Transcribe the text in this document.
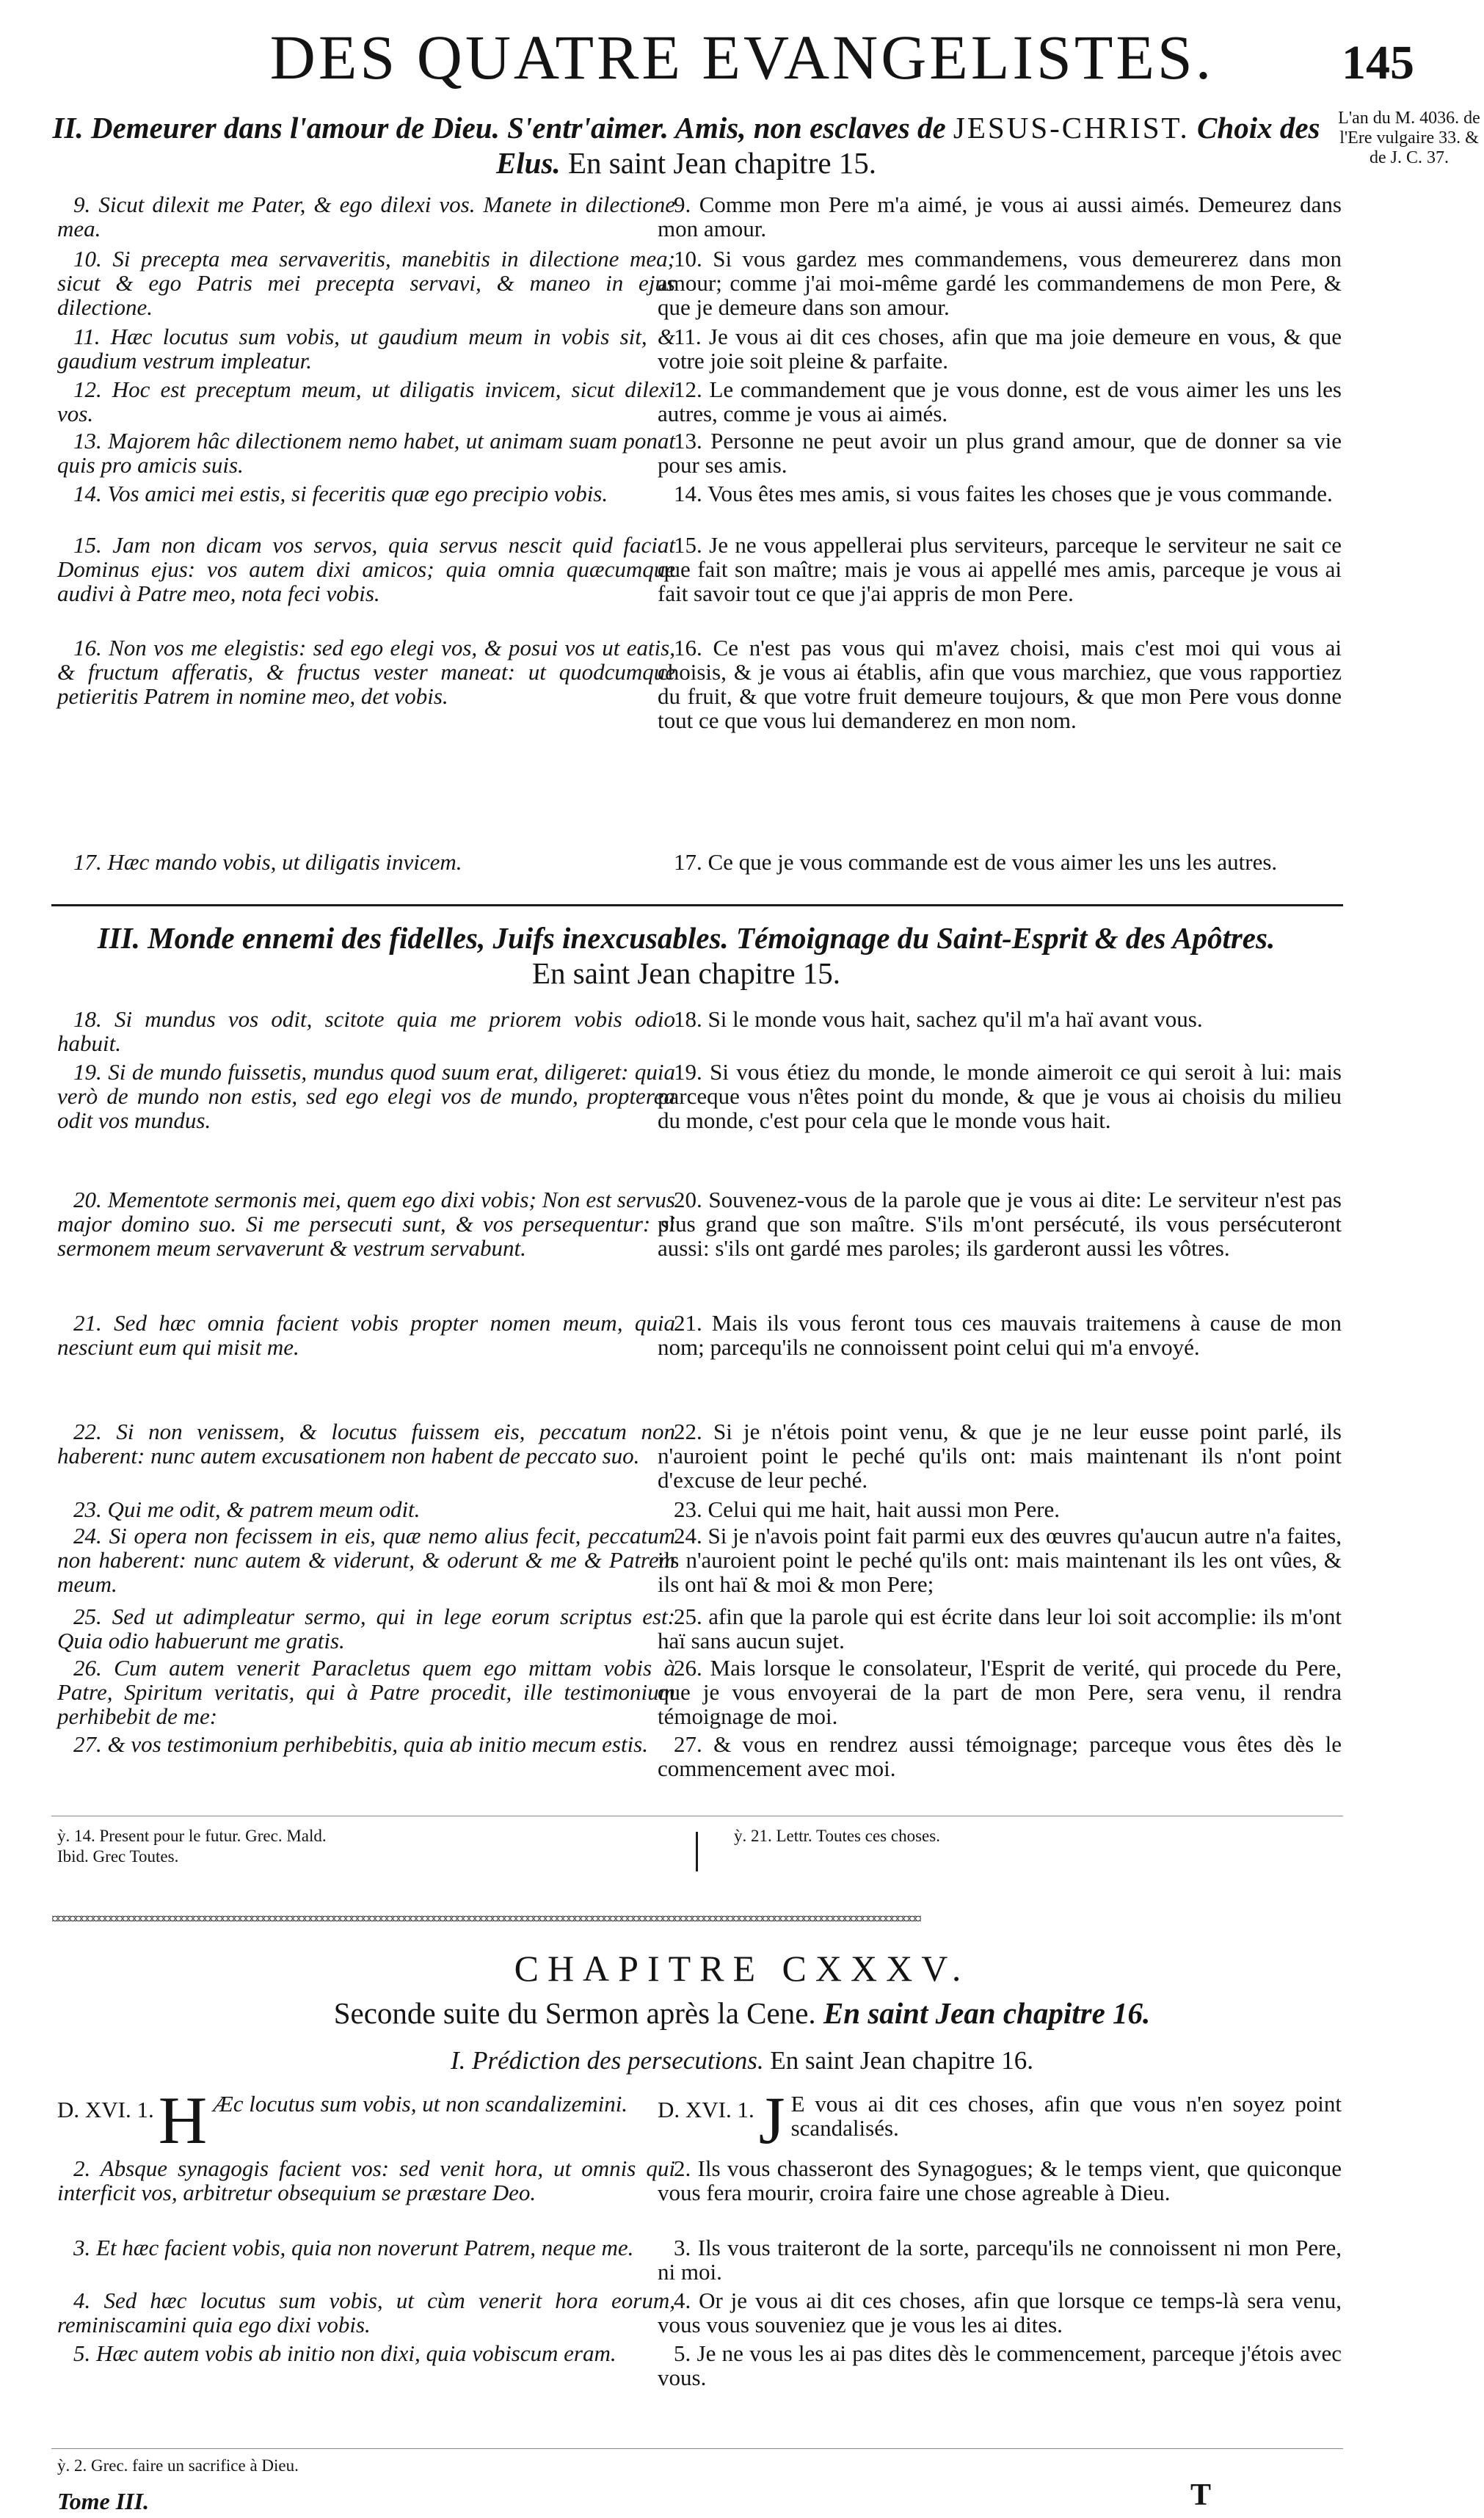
DES QUATRE EVANGELISTES.	145
L'an du M. 4036. de l'Ere vulgaire 33. & de J. C. 37.
II. Demeurer dans l'amour de Dieu. S'entr'aimer. Amis, non esclaves de JESUS-CHRIST. Choix des Elus. En saint Jean chapitre 15.

9. Sicut dilexit me Pater, & ego dilexi vos. Manete in dilectione mea.

10. Si precepta mea servaveritis, manebitis in dilectione mea; sicut & ego Patris mei precepta servavi, & maneo in ejus dilectione.

11. Hæc locutus sum vobis, ut gaudium meum in vobis sit, & gaudium vestrum impleatur.

12. Hoc est preceptum meum, ut diligatis invicem, sicut dilexi vos.

13. Majorem hâc dilectionem nemo habet, ut animam suam ponat quis pro amicis suis.

14. Vos amici mei estis, si feceritis quæ ego precipio vobis.

15. Jam non dicam vos servos, quia servus nescit quid faciat Dominus ejus: vos autem dixi amicos; quia omnia quæcumque audivi à Patre meo, nota feci vobis.

16. Non vos me elegistis: sed ego elegi vos, & posui vos ut eatis, & fructum afferatis, & fructus vester maneat: ut quodcumque petieritis Patrem in nomine meo, det vobis.

17. Hæc mando vobis, ut diligatis invicem.

9. Comme mon Pere m'a aimé, je vous ai aussi aimés. Demeurez dans mon amour.

10. Si vous gardez mes commandemens, vous demeurerez dans mon amour; comme j'ai moi-même gardé les commandemens de mon Pere, & que je demeure dans son amour.

11. Je vous ai dit ces choses, afin que ma joie demeure en vous, & que votre joie soit pleine & parfaite.

12. Le commandement que je vous donne, est de vous aimer les uns les autres, comme je vous ai aimés.

13. Personne ne peut avoir un plus grand amour, que de donner sa vie pour ses amis.

14. Vous êtes mes amis, si vous faites les choses que je vous commande.

15. Je ne vous appellerai plus serviteurs, parceque le serviteur ne sait ce que fait son maître; mais je vous ai appellé mes amis, parceque je vous ai fait savoir tout ce que j'ai appris de mon Pere.

16. Ce n'est pas vous qui m'avez choisi, mais c'est moi qui vous ai choisis, & je vous ai établis, afin que vous marchiez, que vous rapportiez du fruit, & que votre fruit demeure toujours, & que mon Pere vous donne tout ce que vous lui demanderez en mon nom.

17. Ce que je vous commande est de vous aimer les uns les autres.

III. Monde ennemi des fidelles, Juifs inexcusables. Témoignage du Saint-Esprit & des Apôtres.
En saint Jean chapitre 15.

18. Si mundus vos odit, scitote quia me priorem vobis odio habuit.

19. Si de mundo fuissetis, mundus quod suum erat, diligeret: quia verò de mundo non estis, sed ego elegi vos de mundo, propterea odit vos mundus.

20. Mementote sermonis mei, quem ego dixi vobis; Non est servus major domino suo. Si me persecuti sunt, & vos persequentur: si sermonem meum servaverunt & vestrum servabunt.

21. Sed hæc omnia facient vobis propter nomen meum, quia nesciunt eum qui misit me.

22. Si non venissem, & locutus fuissem eis, peccatum non haberent: nunc autem excusationem non habent de peccato suo.

23. Qui me odit, & patrem meum odit.

24. Si opera non fecissem in eis, quæ nemo alius fecit, peccatum non haberent: nunc autem & viderunt, & oderunt & me & Patrem meum.

25. Sed ut adimpleatur sermo, qui in lege eorum scriptus est: Quia odio habuerunt me gratis.

26. Cum autem venerit Paracletus quem ego mittam vobis à Patre, Spiritum veritatis, qui à Patre procedit, ille testimonium perhibebit de me:

27. & vos testimonium perhibebitis, quia ab initio mecum estis.

18. Si le monde vous hait, sachez qu'il m'a haï avant vous.

19. Si vous étiez du monde, le monde aimeroit ce qui seroit à lui: mais parceque vous n'êtes point du monde, & que je vous ai choisis du milieu du monde, c'est pour cela que le monde vous hait.

20. Souvenez-vous de la parole que je vous ai dite: Le serviteur n'est pas plus grand que son maître. S'ils m'ont persécuté, ils vous persécuteront aussi: s'ils ont gardé mes paroles; ils garderont aussi les vôtres.

21. Mais ils vous feront tous ces mauvais traitemens à cause de mon nom; parcequ'ils ne connoissent point celui qui m'a envoyé.

22. Si je n'étois point venu, & que je ne leur eusse point parlé, ils n'auroient point le peché qu'ils ont: mais maintenant ils n'ont point d'excuse de leur peché.

23. Celui qui me hait, hait aussi mon Pere.

24. Si je n'avois point fait parmi eux des œuvres qu'aucun autre n'a faites, ils n'auroient point le peché qu'ils ont: mais maintenant ils les ont vûes, & ils ont haï & moi & mon Pere;

25. afin que la parole qui est écrite dans leur loi soit accomplie: ils m'ont haï sans aucun sujet.

26. Mais lorsque le consolateur, l'Esprit de verité, qui procede du Pere, que je vous envoyerai de la part de mon Pere, sera venu, il rendra témoignage de moi.

27. & vous en rendrez aussi témoignage; parceque vous êtes dès le commencement avec moi.

ỳ. 14. Present pour le futur. Grec. Mald.
Ibid. Grec Toutes.
ỳ. 21. Lettr. Toutes ces choses.
¤¤¤¤¤¤¤¤¤¤¤¤¤¤¤¤¤¤¤¤¤¤¤¤¤¤¤¤¤¤¤¤¤¤¤¤¤¤¤¤¤¤¤¤¤¤¤¤¤¤¤¤¤¤¤¤¤¤¤¤¤¤¤¤¤¤¤¤¤¤¤¤¤¤¤¤¤¤¤¤¤¤¤¤¤¤¤¤¤¤¤¤¤¤¤¤¤¤¤¤¤¤¤¤¤¤¤¤¤¤¤¤¤¤¤¤¤¤¤¤¤¤¤¤¤¤¤¤¤¤¤¤¤¤¤¤¤¤¤¤¤¤¤¤¤¤¤¤
CHAPITRE CXXXV.
Seconde suite du Sermon après la Cene. En saint Jean chapitre 16.
I. Prédiction des persecutions. En saint Jean chapitre 16.

D. XVI. 1. H Æc locutus sum vobis, ut non scandalizemini.

2. Absque synagogis facient vos: sed venit hora, ut omnis qui interficit vos, arbitretur obsequium se præstare Deo.

3. Et hæc facient vobis, quia non noverunt Patrem, neque me.

4. Sed hæc locutus sum vobis, ut cùm venerit hora eorum, reminiscamini quia ego dixi vobis.

5. Hæc autem vobis ab initio non dixi, quia vobiscum eram.

D. XVI. 1. J E vous ai dit ces choses, afin que vous n'en soyez point scandalisés.

2. Ils vous chasseront des Synagogues; & le temps vient, que quiconque vous fera mourir, croira faire une chose agreable à Dieu.

3. Ils vous traiteront de la sorte, parcequ'ils ne connoissent ni mon Pere, ni moi.

4. Or je vous ai dit ces choses, afin que lorsque ce temps-là sera venu, vous vous souveniez que je vous les ai dites.

5. Je ne vous les ai pas dites dès le commencement, parceque j'étois avec vous.

ỳ. 2. Grec. faire un sacrifice à Dieu.
Tome III.	T
